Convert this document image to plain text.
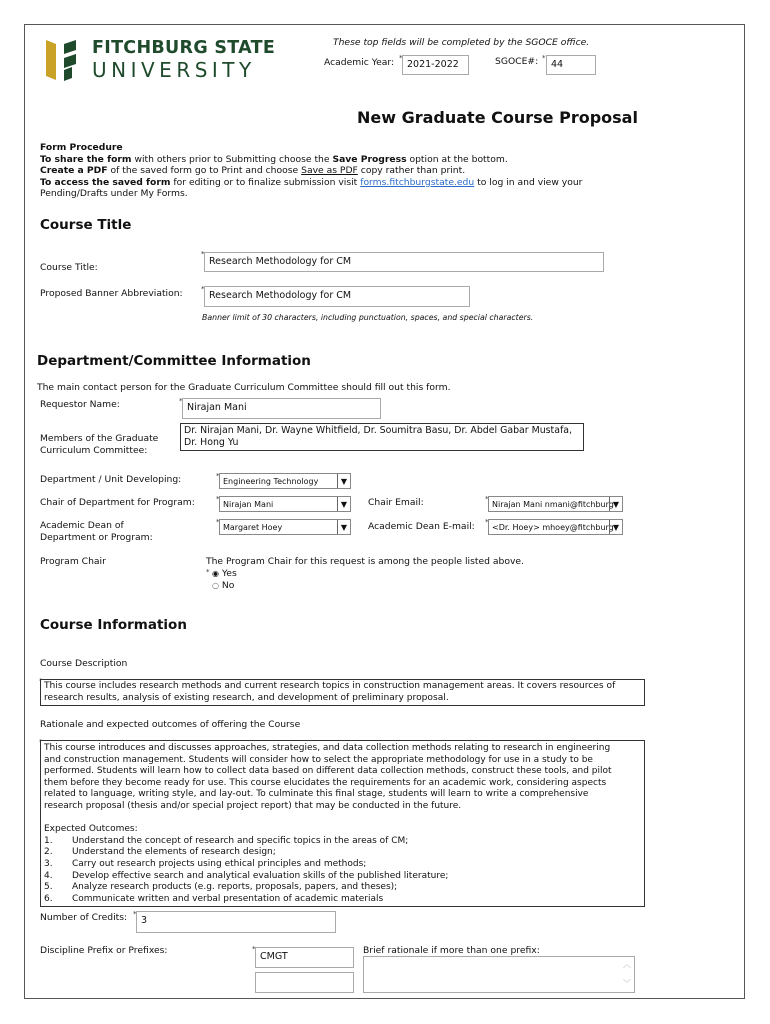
FITCHBURG STATE
UNIVERSITY
These top fields will be completed by the SGOCE office.
Academic Year: *
2021-2022	SGOCE#: *
44
New Graduate Course Proposal
Form Procedure
To share the form with others prior to Submitting choose the Save Progress option at the bottom.
Create a PDF of the saved form go to Print and choose Save as PDF copy rather than print.
To access the saved form for editing or to finalize submission visit forms.fitchburgstate.edu to log in and view your
Pending/Drafts under My Forms.
Course Title
Course Title:
*
Research Methodology for CM
Proposed Banner Abbreviation:	*
Research Methodology for CM
Banner limit of 30 characters, including punctuation, spaces, and special characters.
Department/Committee Information
The main contact person for the Graduate Curriculum Committee should fill out this form.
Requestor Name:	*
Nirajan Mani
Members of the Graduate
Curriculum Committee:
Dr. Nirajan Mani, Dr. Wayne Whitfield, Dr. Soumitra Basu, Dr. Abdel Gabar Mustafa,
Dr. Hong Yu
Department / Unit Developing:	*
Engineering Technology	▼
Chair of Department for Program:	*
Nirajan Mani	▼	Chair Email:	*
Nirajan Mani nmani@fitchburg ▼
Academic Dean of
Department or Program:
*
Margaret Hoey	▼	Academic Dean E-mail: *
<Dr. Hoey> mhoey@fitchburg ▼
Program Chair	The Program Chair for this request is among the people listed above.
* ◉ Yes
○ No
Course Information
Course Description
This course includes research methods and current research topics in construction management areas. It covers resources of
research results, analysis of existing research, and development of preliminary proposal.
Rationale and expected outcomes of offering the Course
This course introduces and discusses approaches, strategies, and data collection methods relating to research in engineering
and construction management. Students will consider how to select the appropriate methodology for use in a study to be
performed. Students will learn how to collect data based on different data collection methods, construct these tools, and pilot
them before they become ready for use. This course elucidates the requirements for an academic work, considering aspects
related to language, writing style, and lay-out. To culminate this final stage, students will learn to write a comprehensive
research proposal (thesis and/or special project report) that may be conducted in the future.
Expected Outcomes:
1.	Understand the concept of research and specific topics in the areas of CM;
2.	Understand the elements of research design;
3.	Carry out research projects using ethical principles and methods;
4.	Develop effective search and analytical evaluation skills of the published literature;
5.	Analyze research products (e.g. reports, proposals, papers, and theses);
6.	Communicate written and verbal presentation of academic materials
Number of Credits: *
3
Discipline Prefix or Prefixes:	*
CMGT
Brief rationale if more than one prefix:
︿
﹀
